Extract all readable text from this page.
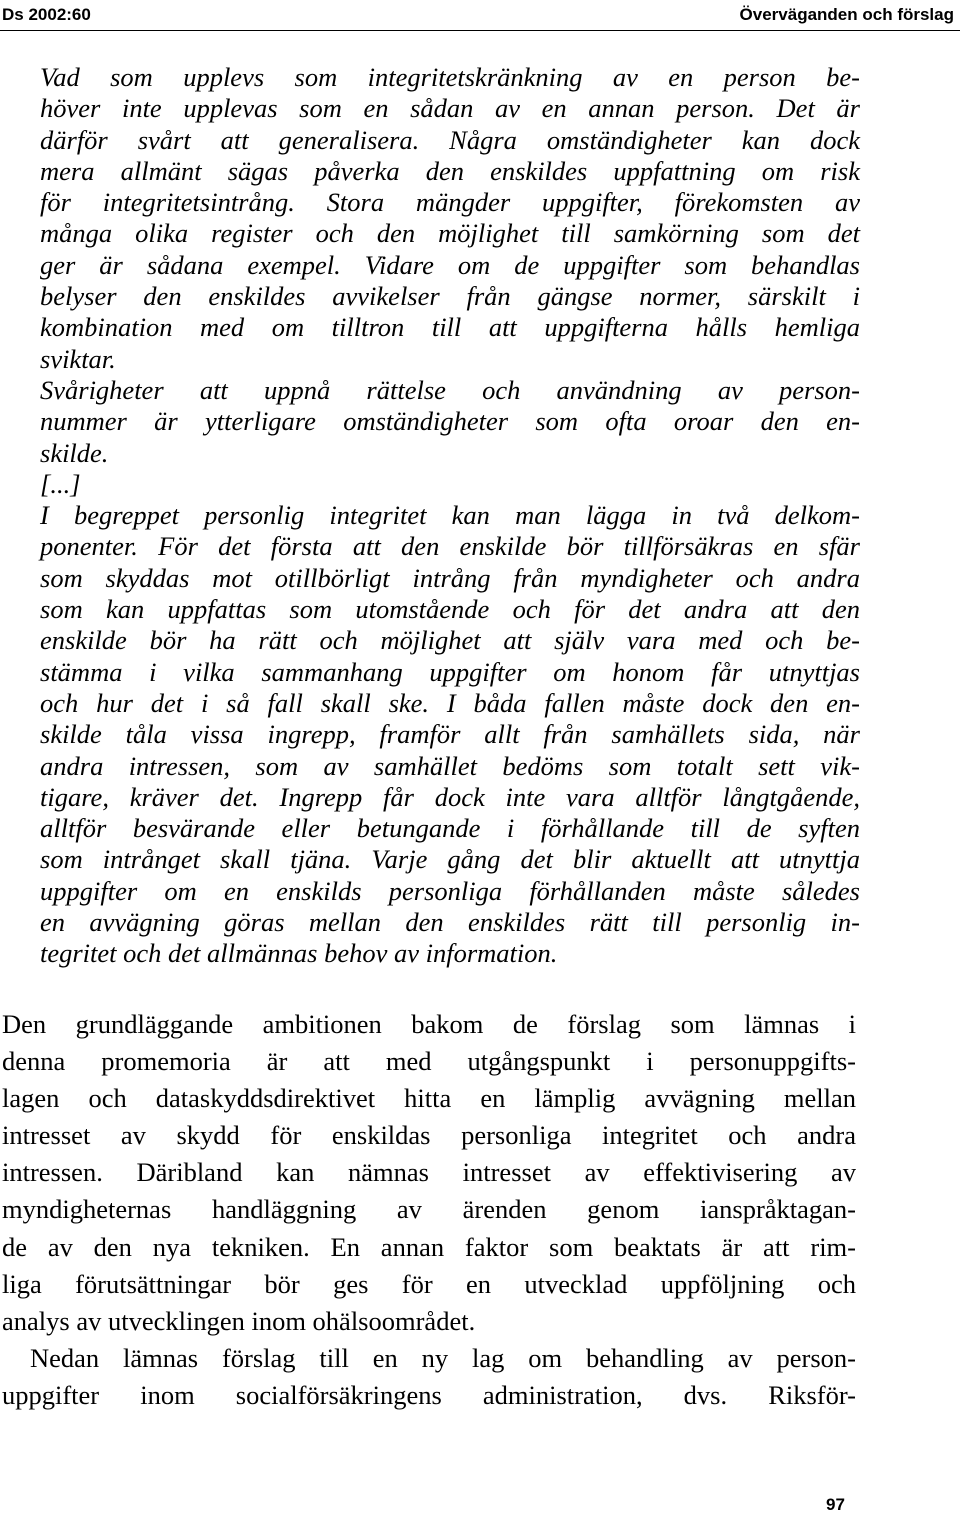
Ds 2002:60	Överväganden och förslag

Vad som upplevs som integritetskränkning av en person be-
höver inte upplevas som en sådan av en annan person. Det är
därför svårt att generalisera. Några omständigheter kan dock
mera allmänt sägas påverka den enskildes uppfattning om risk
för integritetsintrång. Stora mängder uppgifter, förekomsten av
många olika register och den möjlighet till samkörning som det
ger är sådana exempel. Vidare om de uppgifter som behandlas
belyser den enskildes avvikelser från gängse normer, särskilt i
kombination med om tilltron till att uppgifterna hålls hemliga
sviktar.

Svårigheter att uppnå rättelse och användning av person-
nummer är ytterligare omständigheter som ofta oroar den en-
skilde.

[...]

I begreppet personlig integritet kan man lägga in två delkom-
ponenter. För det första att den enskilde bör tillförsäkras en sfär
som skyddas mot otillbörligt intrång från myndigheter och andra
som kan uppfattas som utomstående och för det andra att den
enskilde bör ha rätt och möjlighet att själv vara med och be-
stämma i vilka sammanhang uppgifter om honom får utnyttjas
och hur det i så fall skall ske. I båda fallen måste dock den en-
skilde tåla vissa ingrepp, framför allt från samhällets sida, när
andra intressen, som av samhället bedöms som totalt sett vik-
tigare, kräver det. Ingrepp får dock inte vara alltför långtgående,
alltför besvärande eller betungande i förhållande till de syften
som intrånget skall tjäna. Varje gång det blir aktuellt att utnyttja
uppgifter om en enskilds personliga förhållanden måste således
en avvägning göras mellan den enskildes rätt till personlig in-
tegritet och det allmännas behov av information.

Den grundläggande ambitionen bakom de förslag som lämnas i
denna promemoria är att med utgångspunkt i personuppgifts-
lagen och dataskyddsdirektivet hitta en lämplig avvägning mellan
intresset av skydd för enskildas personliga integritet och andra
intressen. Däribland kan nämnas intresset av effektivisering av
myndigheternas handläggning av ärenden genom ianspråktagan-
de av den nya tekniken. En annan faktor som beaktats är att rim-
liga förutsättningar bör ges för en utvecklad uppföljning och
analys av utvecklingen inom ohälsoområdet.

Nedan lämnas förslag till en ny lag om behandling av person-
uppgifter inom socialförsäkringens administration, dvs. Riksför-

97
